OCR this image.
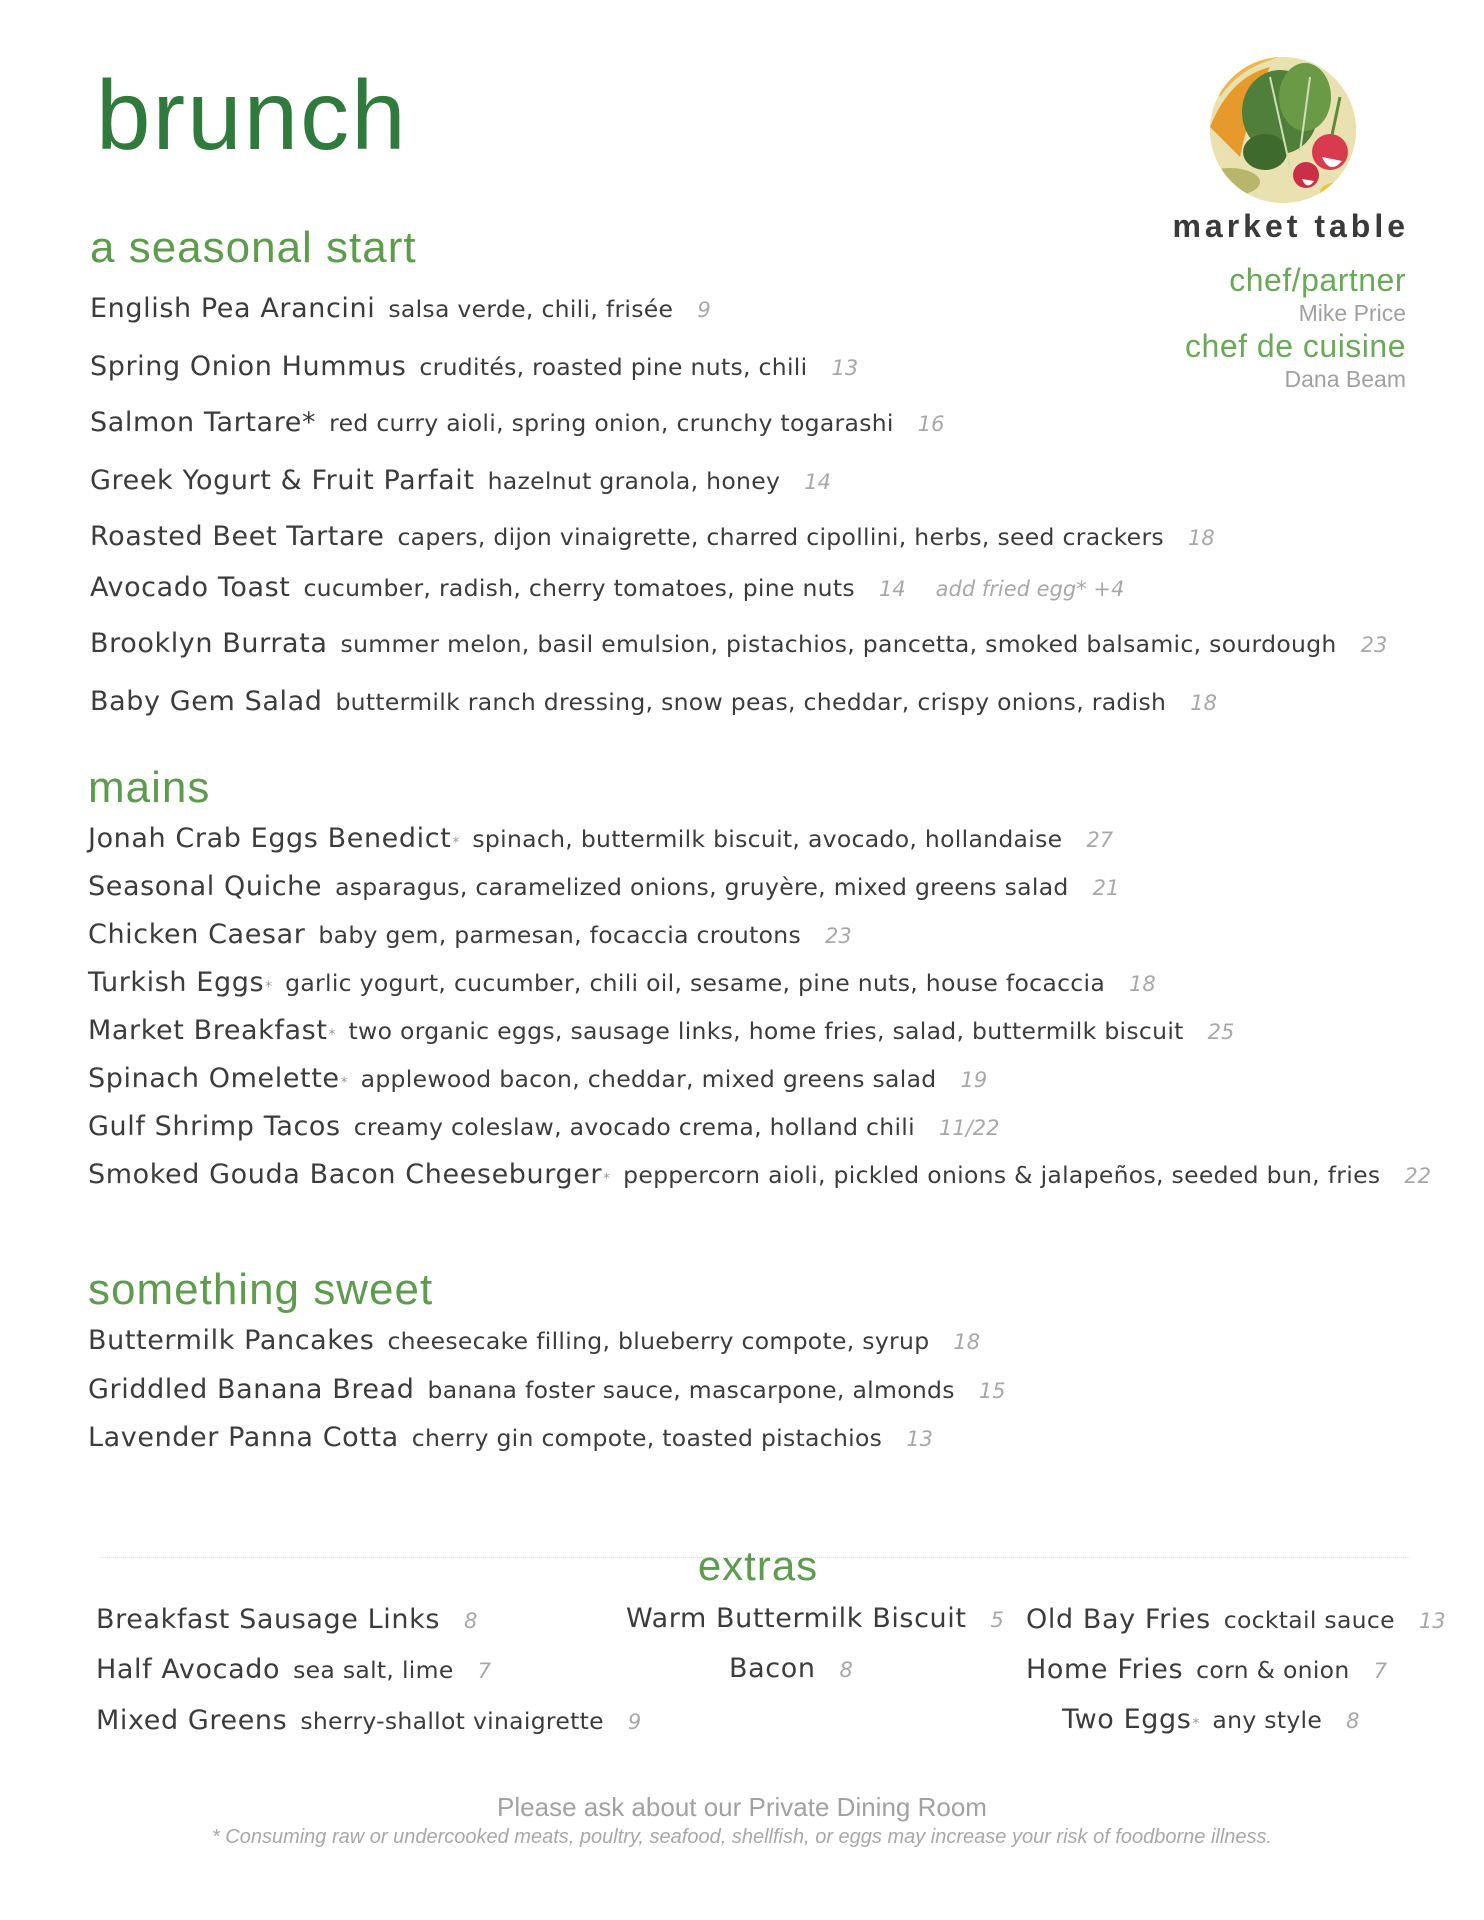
brunch
market table
chef/partner
Mike Price
chef de cuisine
Dana Beam
a seasonal start
English Pea Arancini salsa verde, chili, frisée 9
Spring Onion Hummus crudités, roasted pine nuts, chili 13
Salmon Tartare* red curry aioli, spring onion, crunchy togarashi 16
Greek Yogurt & Fruit Parfait hazelnut granola, honey 14
Roasted Beet Tartare capers, dijon vinaigrette, charred cipollini, herbs, seed crackers 18
Avocado Toast cucumber, radish, cherry tomatoes, pine nuts 14 add fried egg* +4
Brooklyn Burrata summer melon, basil emulsion, pistachios, pancetta, smoked balsamic, sourdough 23
Baby Gem Salad buttermilk ranch dressing, snow peas, cheddar, crispy onions, radish 18
mains
Jonah Crab Eggs Benedict * spinach, buttermilk biscuit, avocado, hollandaise 27
Seasonal Quiche asparagus, caramelized onions, gruyère, mixed greens salad 21
Chicken Caesar baby gem, parmesan, focaccia croutons 23
Turkish Eggs * garlic yogurt, cucumber, chili oil, sesame, pine nuts, house focaccia 18
Market Breakfast * two organic eggs, sausage links, home fries, salad, buttermilk biscuit 25
Spinach Omelette * applewood bacon, cheddar, mixed greens salad 19
Gulf Shrimp Tacos creamy coleslaw, avocado crema, holland chili 11/22
Smoked Gouda Bacon Cheeseburger * peppercorn aioli, pickled onions & jalapeños, seeded bun, fries 22
something sweet
Buttermilk Pancakes cheesecake filling, blueberry compote, syrup 18
Griddled Banana Bread banana foster sauce, mascarpone, almonds 15
Lavender Panna Cotta cherry gin compote, toasted pistachios 13
extras
Breakfast Sausage Links 8
Half Avocado sea salt, lime 7
Mixed Greens sherry-shallot vinaigrette 9
Warm Buttermilk Biscuit 5
Bacon 8
Old Bay Fries cocktail sauce 13
Home Fries corn & onion 7
Two Eggs * any style 8
Please ask about our Private Dining Room
* Consuming raw or undercooked meats, poultry, seafood, shellfish, or eggs may increase your risk of foodborne illness.
